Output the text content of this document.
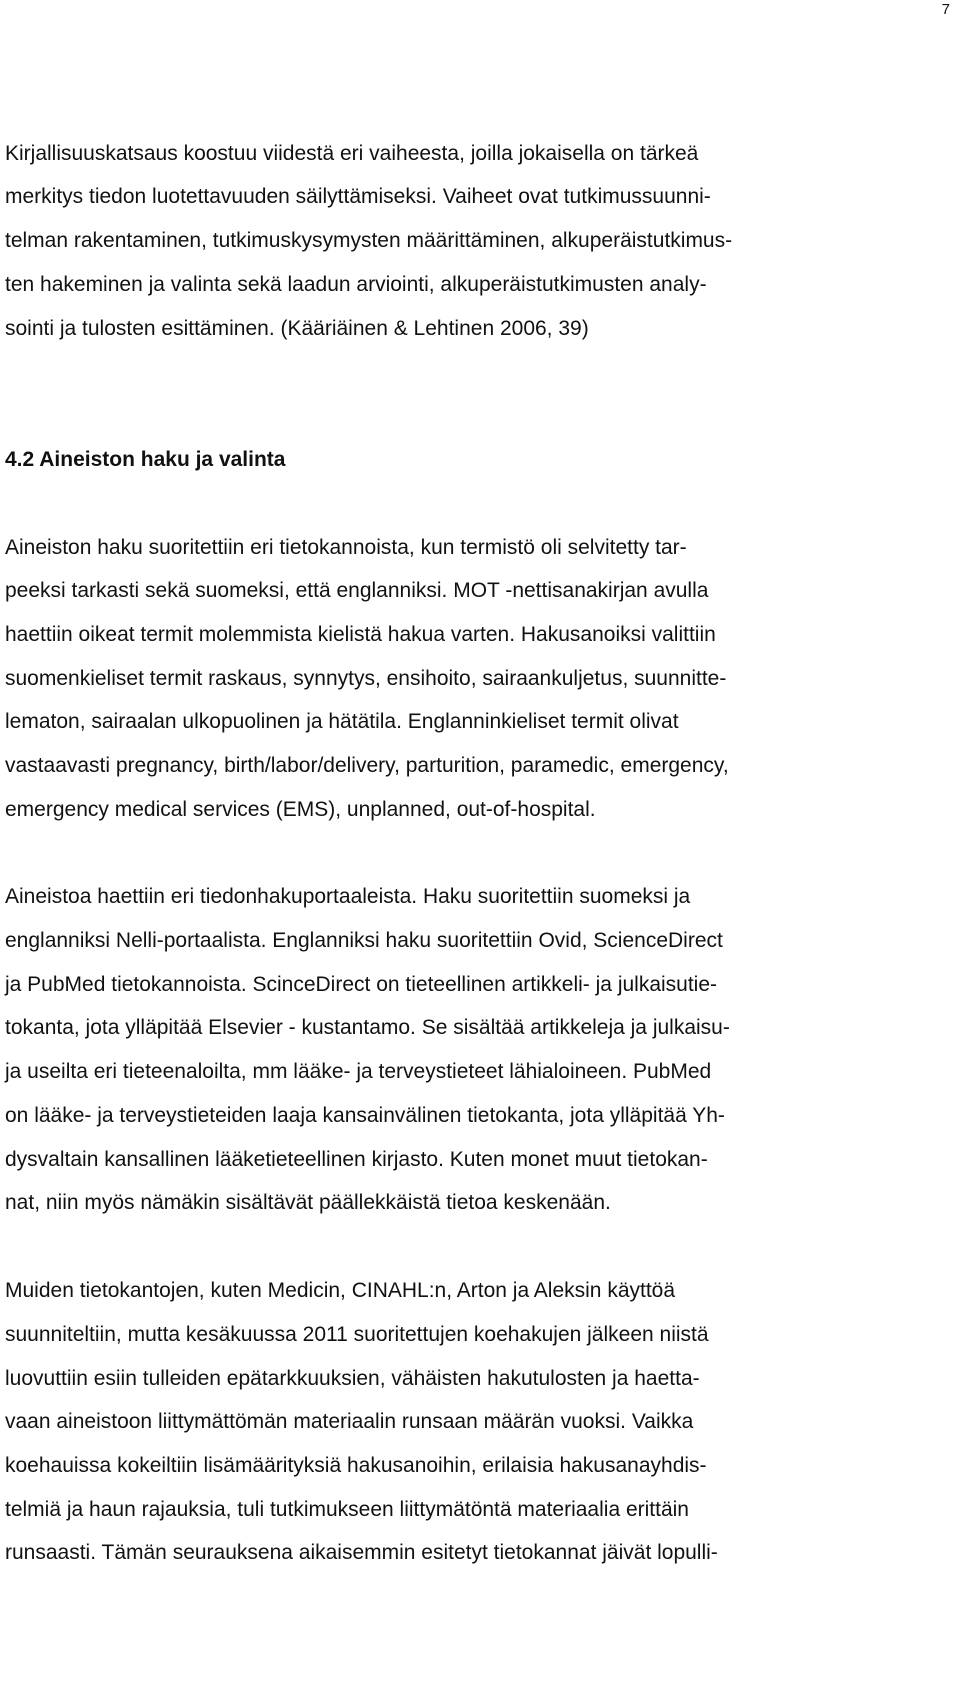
7

Kirjallisuuskatsaus koostuu viidestä eri vaiheesta, joilla jokaisella on tärkeä

merkitys tiedon luotettavuuden säilyttämiseksi. Vaiheet ovat tutkimussuunni-

telman rakentaminen, tutkimuskysymysten määrittäminen, alkuperäistutkimus-

ten hakeminen ja valinta sekä laadun arviointi, alkuperäistutkimusten analy-

sointi ja tulosten esittäminen. (Kääriäinen & Lehtinen 2006, 39)

4.2 Aineiston haku ja valinta

Aineiston haku suoritettiin eri tietokannoista, kun termistö oli selvitetty tar-

peeksi tarkasti sekä suomeksi, että englanniksi. MOT -nettisanakirjan avulla

haettiin oikeat termit molemmista kielistä hakua varten. Hakusanoiksi valittiin

suomenkieliset termit raskaus, synnytys, ensihoito, sairaankuljetus, suunnitte-

lematon, sairaalan ulkopuolinen ja hätätila. Englanninkieliset termit olivat

vastaavasti pregnancy, birth/labor/delivery, parturition, paramedic, emergency,

emergency medical services (EMS), unplanned, out-of-hospital.

Aineistoa haettiin eri tiedonhakuportaaleista. Haku suoritettiin suomeksi ja

englanniksi Nelli-portaalista. Englanniksi haku suoritettiin Ovid, ScienceDirect

ja PubMed tietokannoista. ScinceDirect on tieteellinen artikkeli- ja julkaisutie-

tokanta, jota ylläpitää Elsevier - kustantamo. Se sisältää artikkeleja ja julkaisu-

ja useilta eri tieteenaloilta, mm lääke- ja terveystieteet lähialoineen. PubMed

on lääke- ja terveystieteiden laaja kansainvälinen tietokanta, jota ylläpitää Yh-

dysvaltain kansallinen lääketieteellinen kirjasto. Kuten monet muut tietokan-

nat, niin myös nämäkin sisältävät päällekkäistä tietoa keskenään.

Muiden tietokantojen, kuten Medicin, CINAHL:n, Arton ja Aleksin käyttöä

suunniteltiin, mutta kesäkuussa 2011 suoritettujen koehakujen jälkeen niistä

luovuttiin esiin tulleiden epätarkkuuksien, vähäisten hakutulosten ja haetta-

vaan aineistoon liittymättömän materiaalin runsaan määrän vuoksi. Vaikka

koehauissa kokeiltiin lisämäärityksiä hakusanoihin, erilaisia hakusanayhdis-

telmiä ja haun rajauksia, tuli tutkimukseen liittymätöntä materiaalia erittäin

runsaasti. Tämän seurauksena aikaisemmin esitetyt tietokannat jäivät lopulli-
